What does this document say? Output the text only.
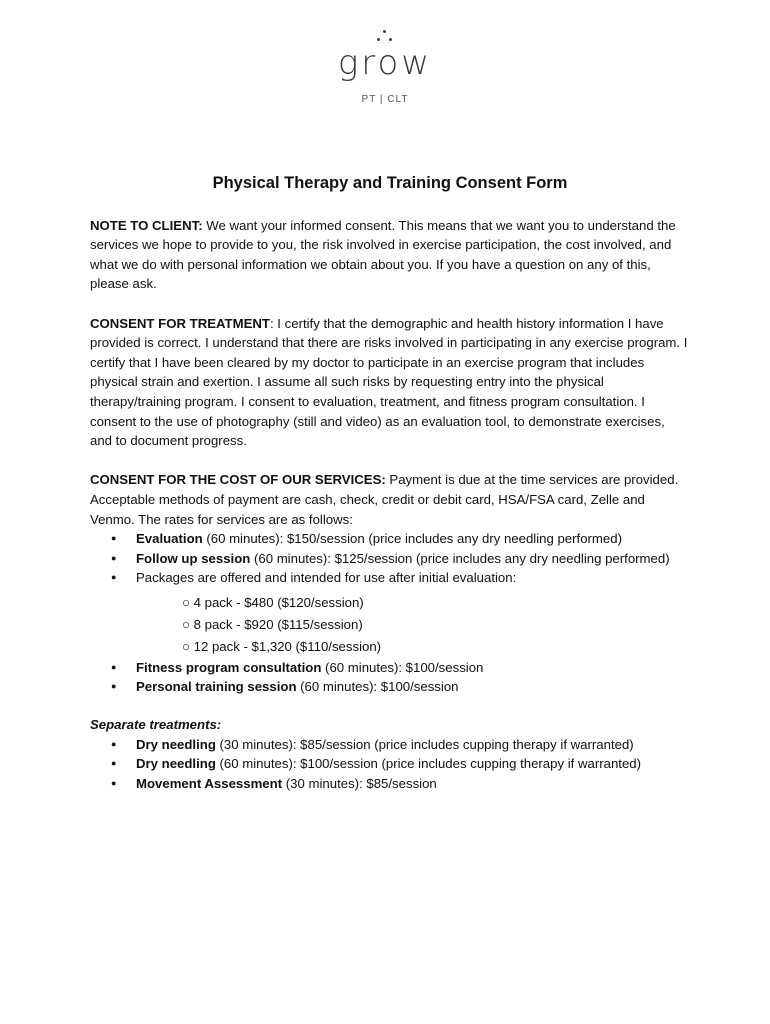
grow
PT | CLT
Physical Therapy and Training Consent Form

NOTE TO CLIENT: We want your informed consent. This means that we want you to understand the services we hope to provide to you, the risk involved in exercise participation, the cost involved, and what we do with personal information we obtain about you. If you have a question on any of this, please ask.

CONSENT FOR TREATMENT: I certify that the demographic and health history information I have provided is correct. I understand that there are risks involved in participating in any exercise program. I certify that I have been cleared by my doctor to participate in an exercise program that includes physical strain and exertion. I assume all such risks by requesting entry into the physical therapy/training program. I consent to evaluation, treatment, and fitness program consultation. I consent to the use of photography (still and video) as an evaluation tool, to demonstrate exercises, and to document progress.

CONSENT FOR THE COST OF OUR SERVICES: Payment is due at the time services are provided. Acceptable methods of payment are cash, check, credit or debit card, HSA/FSA card, Zelle and Venmo. The rates for services are as follows:

● Evaluation (60 minutes): $150/session (price includes any dry needling performed)
● Follow up session (60 minutes): $125/session (price includes any dry needling performed)
● Packages are offered and intended for use after initial evaluation:
○ 4 pack - $480 ($120/session)
○ 8 pack - $920 ($115/session)
○ 12 pack - $1,320 ($110/session)
● Fitness program consultation (60 minutes): $100/session
● Personal training session (60 minutes): $100/session
Separate treatments:
● Dry needling (30 minutes): $85/session (price includes cupping therapy if warranted)
● Dry needling (60 minutes): $100/session (price includes cupping therapy if warranted)
● Movement Assessment (30 minutes): $85/session
